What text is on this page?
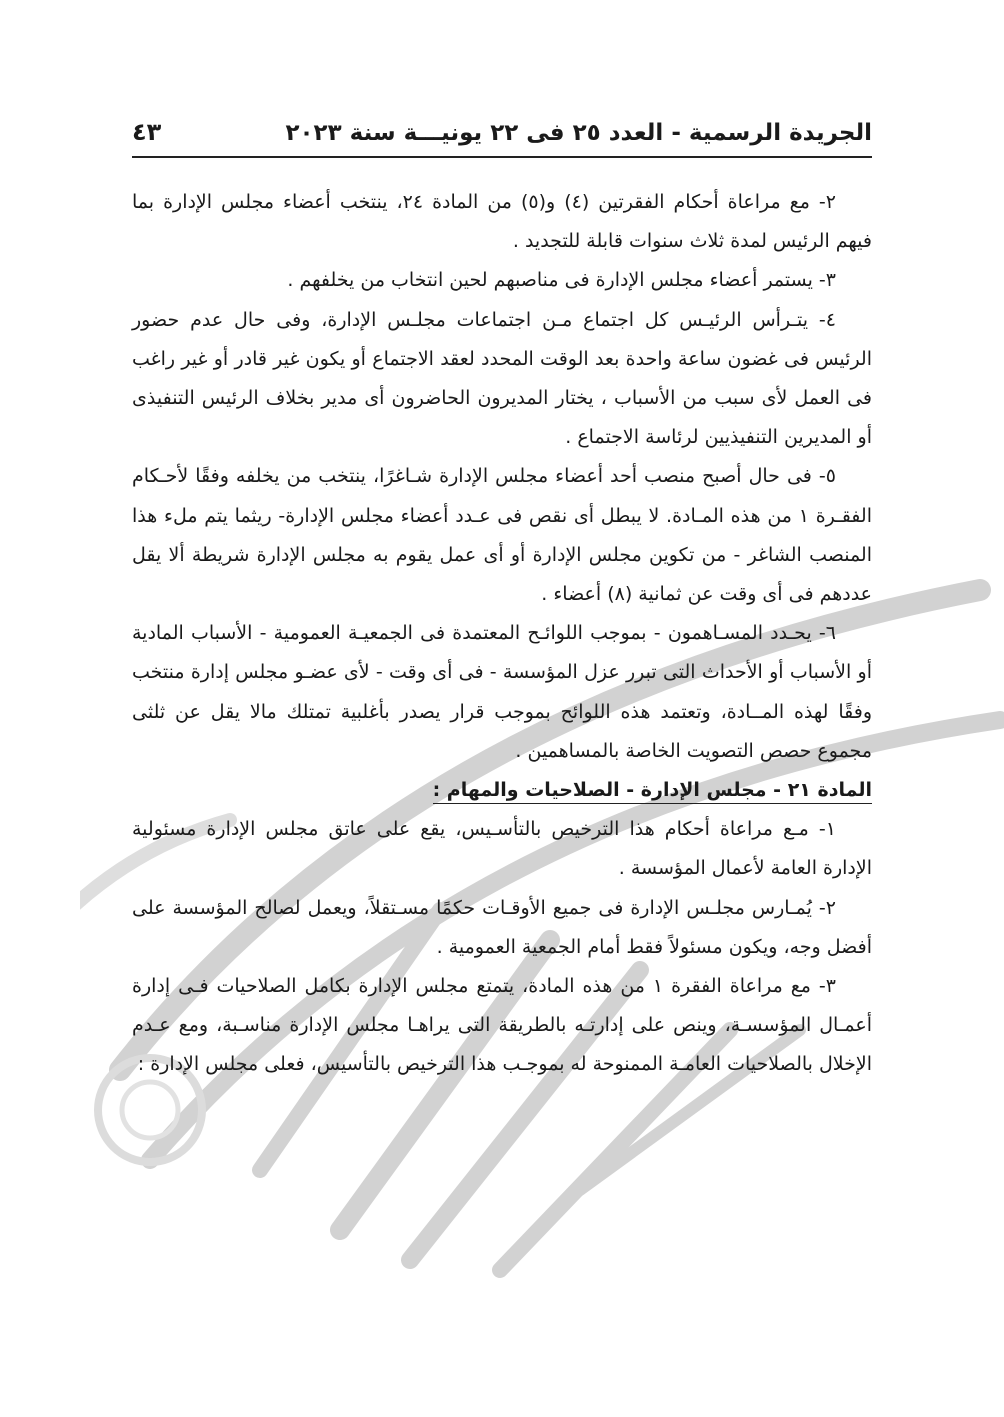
الجريدة الرسمية - العدد ٢٥ فى ٢٢ يونيـــة سنة ٢٠٢٣
٤٣

٢- مع مراعاة أحكام الفقرتين (٤) و(٥) من المادة ٢٤، ينتخب أعضاء مجلس الإدارة بما فيهم الرئيس لمدة ثلاث سنوات قابلة للتجديد .

٣- يستمر أعضاء مجلس الإدارة فى مناصبهم لحين انتخاب من يخلفهم .

٤- يتـرأس الرئيـس كل اجتماع مـن اجتماعات مجلـس الإدارة، وفى حال عدم حضور الرئيس فى غضون ساعة واحدة بعد الوقت المحدد لعقد الاجتماع أو يكون غير قادر أو غير راغب فى العمل لأى سبب من الأسباب ، يختار المديرون الحاضرون أى مدير بخلاف الرئيس التنفيذى أو المديرين التنفيذيين لرئاسة الاجتماع .

٥- فى حال أصبح منصب أحد أعضاء مجلس الإدارة شـاغرًا، ينتخب من يخلفه وفقًا لأحـكام الفقـرة ١ من هذه المـادة. لا يبطل أى نقص فى عـدد أعضاء مجلس الإدارة- ريثما يتم ملء هذا المنصب الشاغر - من تكوين مجلس الإدارة أو أى عمل يقوم به مجلس الإدارة شريطة ألا يقل عددهم فى أى وقت عن ثمانية (٨) أعضاء .

٦- يحـدد المسـاهمون - بموجب اللوائـح المعتمدة فى الجمعيـة العمومية - الأسباب المادية أو الأسباب أو الأحداث التى تبرر عزل المؤسسة - فى أى وقت - لأى عضـو مجلس إدارة منتخب وفقًا لهذه المــادة، وتعتمد هذه اللوائح بموجب قرار يصدر بأغلبية تمتلك مالا يقل عن ثلثى مجموع حصص التصويت الخاصة بالمساهمين .

المادة ٢١ - مجلس الإدارة - الصلاحيات والمهام :

١- مـع مراعاة أحكام هذا الترخيص بالتأسـيس، يقع على عاتق مجلس الإدارة مسئولية الإدارة العامة لأعمال المؤسسة .

٢- يُمـارس مجلـس الإدارة فى جميع الأوقـات حكمًا مسـتقلاً، ويعمل لصالح المؤسسة على أفضل وجه، ويكون مسئولاً فقط أمام الجمعية العمومية .

٣- مع مراعاة الفقرة ١ من هذه المادة، يتمتع مجلس الإدارة بكامل الصلاحيات فـى إدارة أعمـال المؤسسـة، وينص على إدارتـه بالطريقة التى يراهـا مجلس الإدارة مناسـبة، ومع عـدم الإخلال بالصلاحيات العامـة الممنوحة له بموجـب هذا الترخيص بالتأسيس، فعلى مجلس الإدارة :
